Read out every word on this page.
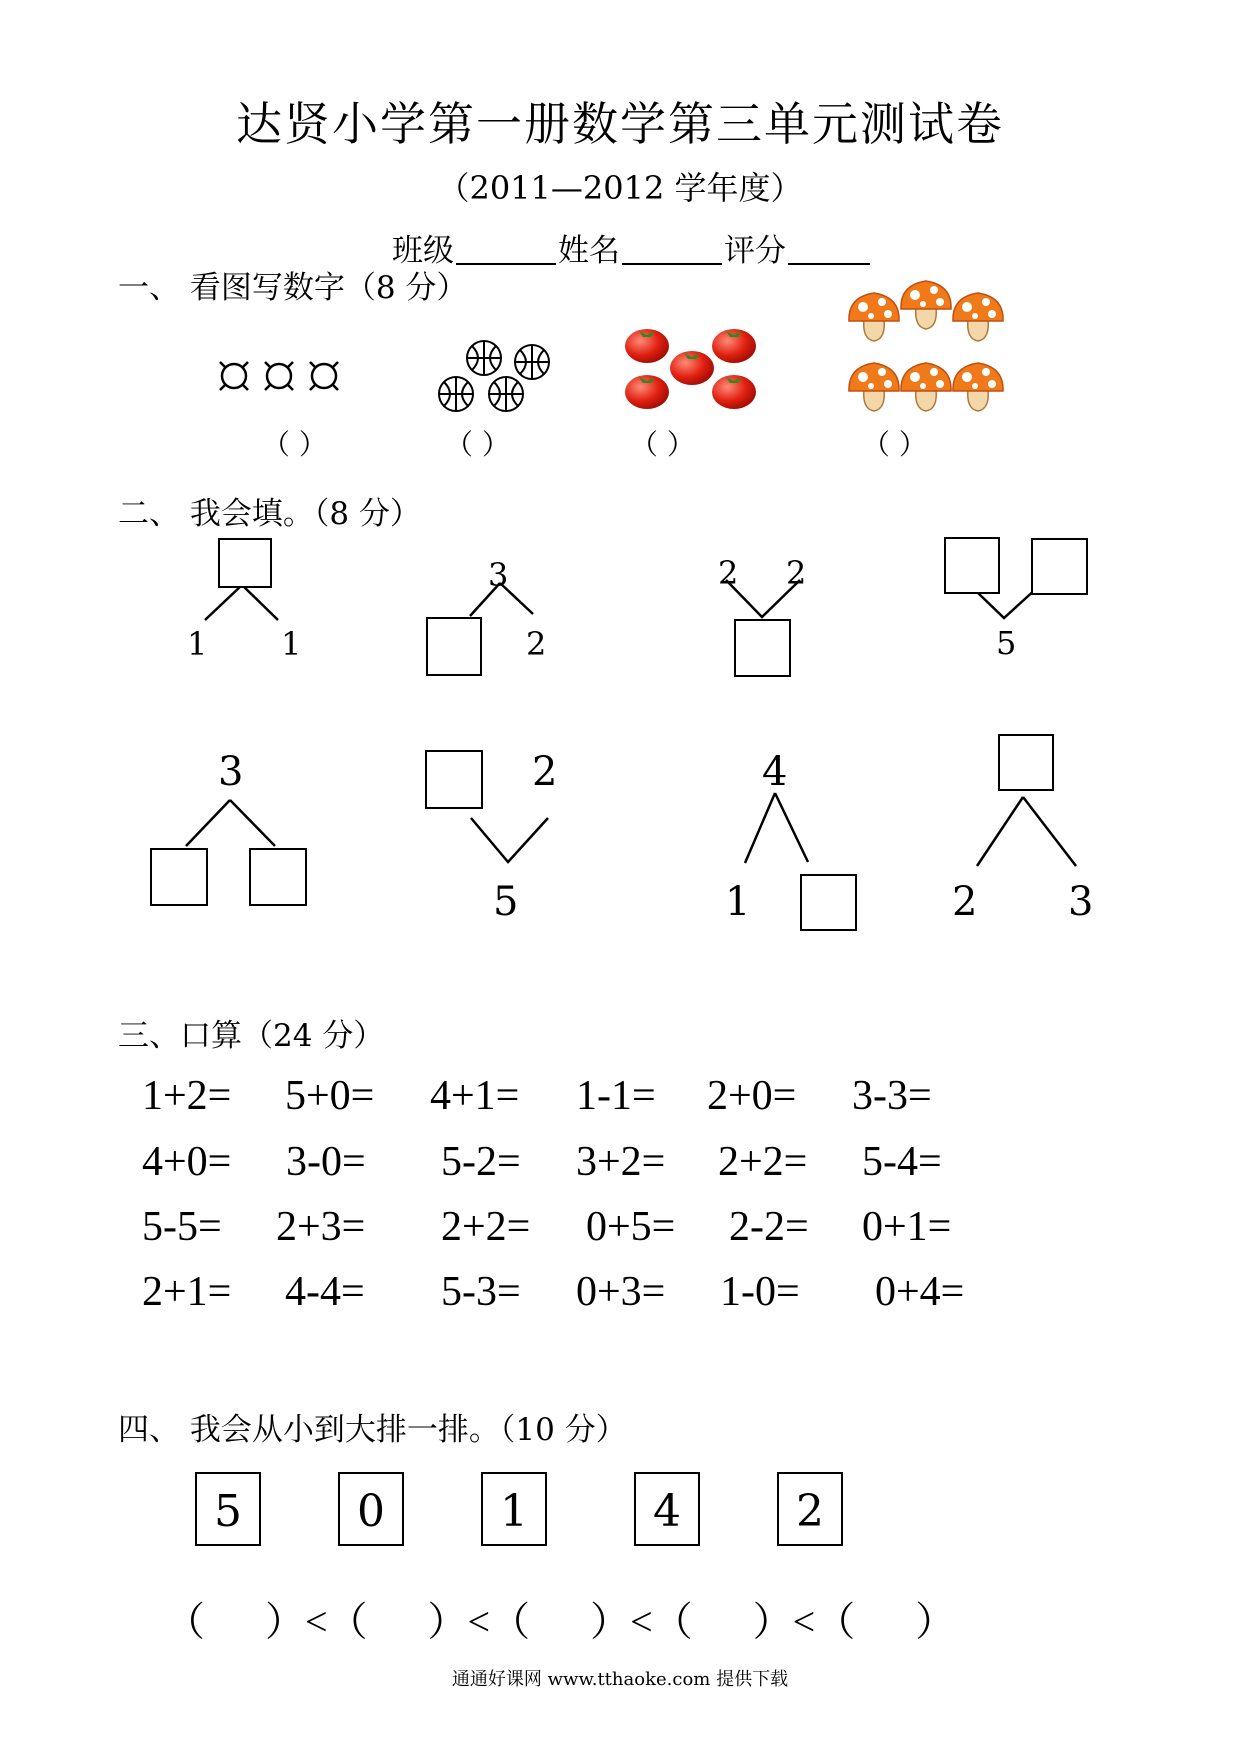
达贤小学第一册数学第三单元测试卷
（2011—2012 学年度）
班级	姓名	评分
一、 看图写数字（8 分）
（ ）	（ ）	（ ）	（ ）
二、 我会填。（8 分）
1 1
3
2
2 2
5
3	2
5
4
1	2 3
三、口算（24 分）
1+2= 5+0= 4+1= 1-1= 2+0= 3-3=
4+0= 3-0= 5-2= 3+2= 2+2= 5-4=
5-5= 2+3= 2+2= 0+5= 2-2= 0+1=
2+1= 4-4= 5-3= 0+3= 1-0= 0+4=
四、 我会从小到大排一排。（10 分）
5	0	1	4	2
（      ）<（      ）<（      ）<（      ）<（      ）
通通好课网 www.tthaoke.com 提供下载
